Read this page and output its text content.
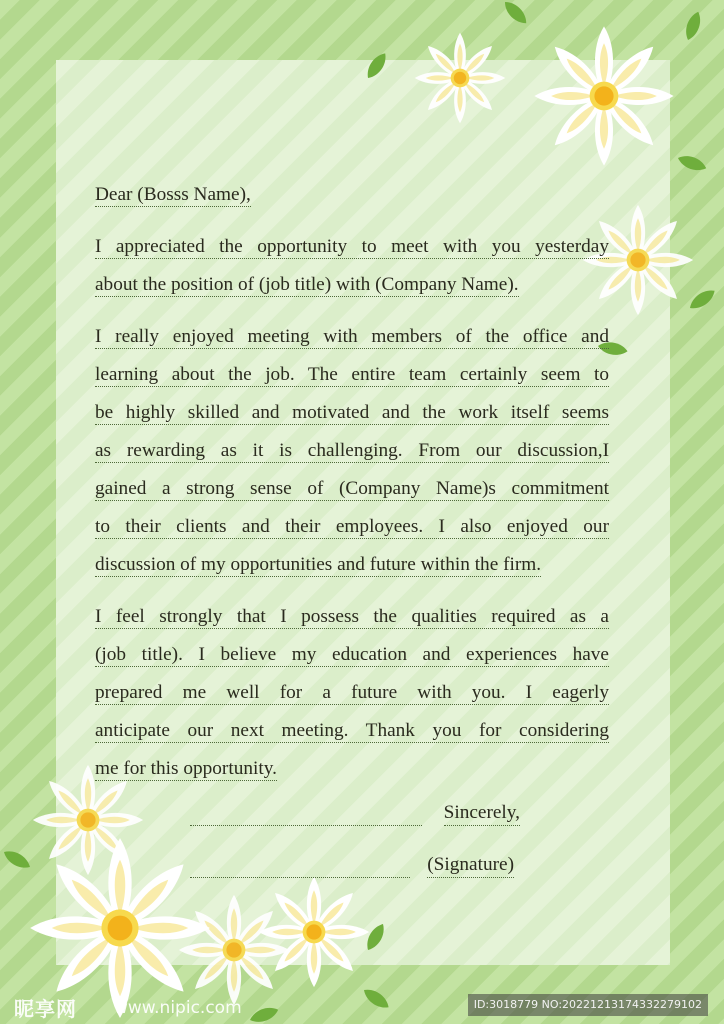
Dear (Bosss Name),
I appreciated the opportunity to meet with you yesterday
about the position of (job title) with (Company Name).
I really enjoyed meeting with members of the office and
learning about the job. The entire team certainly seem to
be highly skilled and motivated and the work itself seems
as rewarding as it is challenging. From our discussion,I
gained a strong sense of (Company Name)s commitment
to their clients and their employees. I also enjoyed our
discussion of my opportunities and future within the firm.
I feel strongly that I possess the qualities required as a
(job title). I believe my education and experiences have
prepared me well for a future with you. I eagerly
anticipate our next meeting. Thank you for considering
me for this opportunity.
Sincerely,
(Signature)
昵享网 www.nipic.com	ID:3018779 NO:20221213174332279102
